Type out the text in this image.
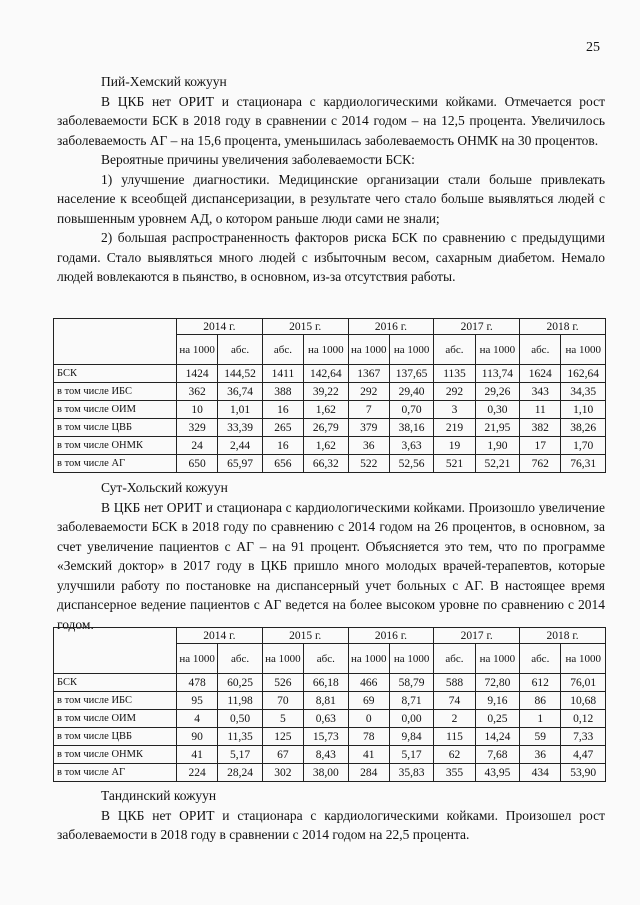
25

Пий-Хемский кожуун

В ЦКБ нет ОРИТ и стационара с кардиологическими койками. Отмечается рост заболеваемости БСК в 2018 году в сравнении с 2014 годом – на 12,5 процента. Увеличилось заболеваемость АГ – на 15,6 процента, уменьшилась заболеваемость ОНМК на 30 процентов.

Вероятные причины увеличения заболеваемости БСК:

1) улучшение диагностики. Медицинские организации стали больше привлекать население к всеобщей диспансеризации, в результате чего стало больше выявляться людей с повышенным уровнем АД, о котором раньше люди сами не знали;

2) большая распространенность факторов риска БСК по сравнению с предыдущими годами. Стало выявляться много людей с избыточным весом, сахарным диабетом. Немало людей вовлекаются в пьянство, в основном, из-за отсутствия работы.

	2014 г.		2015 г.		2016 г.		2017 г.		2018 г.	
	на 1000	абс.	абс.	на 1000	на 1000	на 1000	абс.	на 1000	абс.	на 1000
БСК	1424	144,52	1411	142,64	1367	137,65	1135	113,74	1624	162,64
в том числе ИБС	362	36,74	388	39,22	292	29,40	292	29,26	343	34,35
в том числе ОИМ	10	1,01	16	1,62	7	0,70	3	0,30	11	1,10
в том числе ЦВБ	329	33,39	265	26,79	379	38,16	219	21,95	382	38,26
в том числе ОНМК	24	2,44	16	1,62	36	3,63	19	1,90	17	1,70
в том числе АГ	650	65,97	656	66,32	522	52,56	521	52,21	762	76,31

Сут-Хольский кожуун

В ЦКБ нет ОРИТ и стационара с кардиологическими койками. Произошло увеличение заболеваемости БСК в 2018 году по сравнению с 2014 годом на 26 процентов, в основном, за счет увеличение пациентов с АГ – на 91 процент. Объясняется это тем, что по программе «Земский доктор» в 2017 году в ЦКБ пришло много молодых врачей-терапевтов, которые улучшили работу по постановке на диспансерный учет больных с АГ. В настоящее время диспансерное ведение пациентов с АГ ведется на более высоком уровне по сравнению с 2014 годом.

	2014 г.		2015 г.		2016 г.		2017 г.		2018 г.	
	на 1000	абс.	на 1000	абс.	на 1000	на 1000	абс.	на 1000	абс.	на 1000
БСК	478	60,25	526	66,18	466	58,79	588	72,80	612	76,01
в том числе ИБС	95	11,98	70	8,81	69	8,71	74	9,16	86	10,68
в том числе ОИМ	4	0,50	5	0,63	0	0,00	2	0,25	1	0,12
в том числе ЦВБ	90	11,35	125	15,73	78	9,84	115	14,24	59	7,33
в том числе ОНМК	41	5,17	67	8,43	41	5,17	62	7,68	36	4,47
в том числе АГ	224	28,24	302	38,00	284	35,83	355	43,95	434	53,90

Тандинский кожуун

В ЦКБ нет ОРИТ и стационара с кардиологическими койками. Произошел рост заболеваемости в 2018 году в сравнении с 2014 годом на 22,5 процента.
